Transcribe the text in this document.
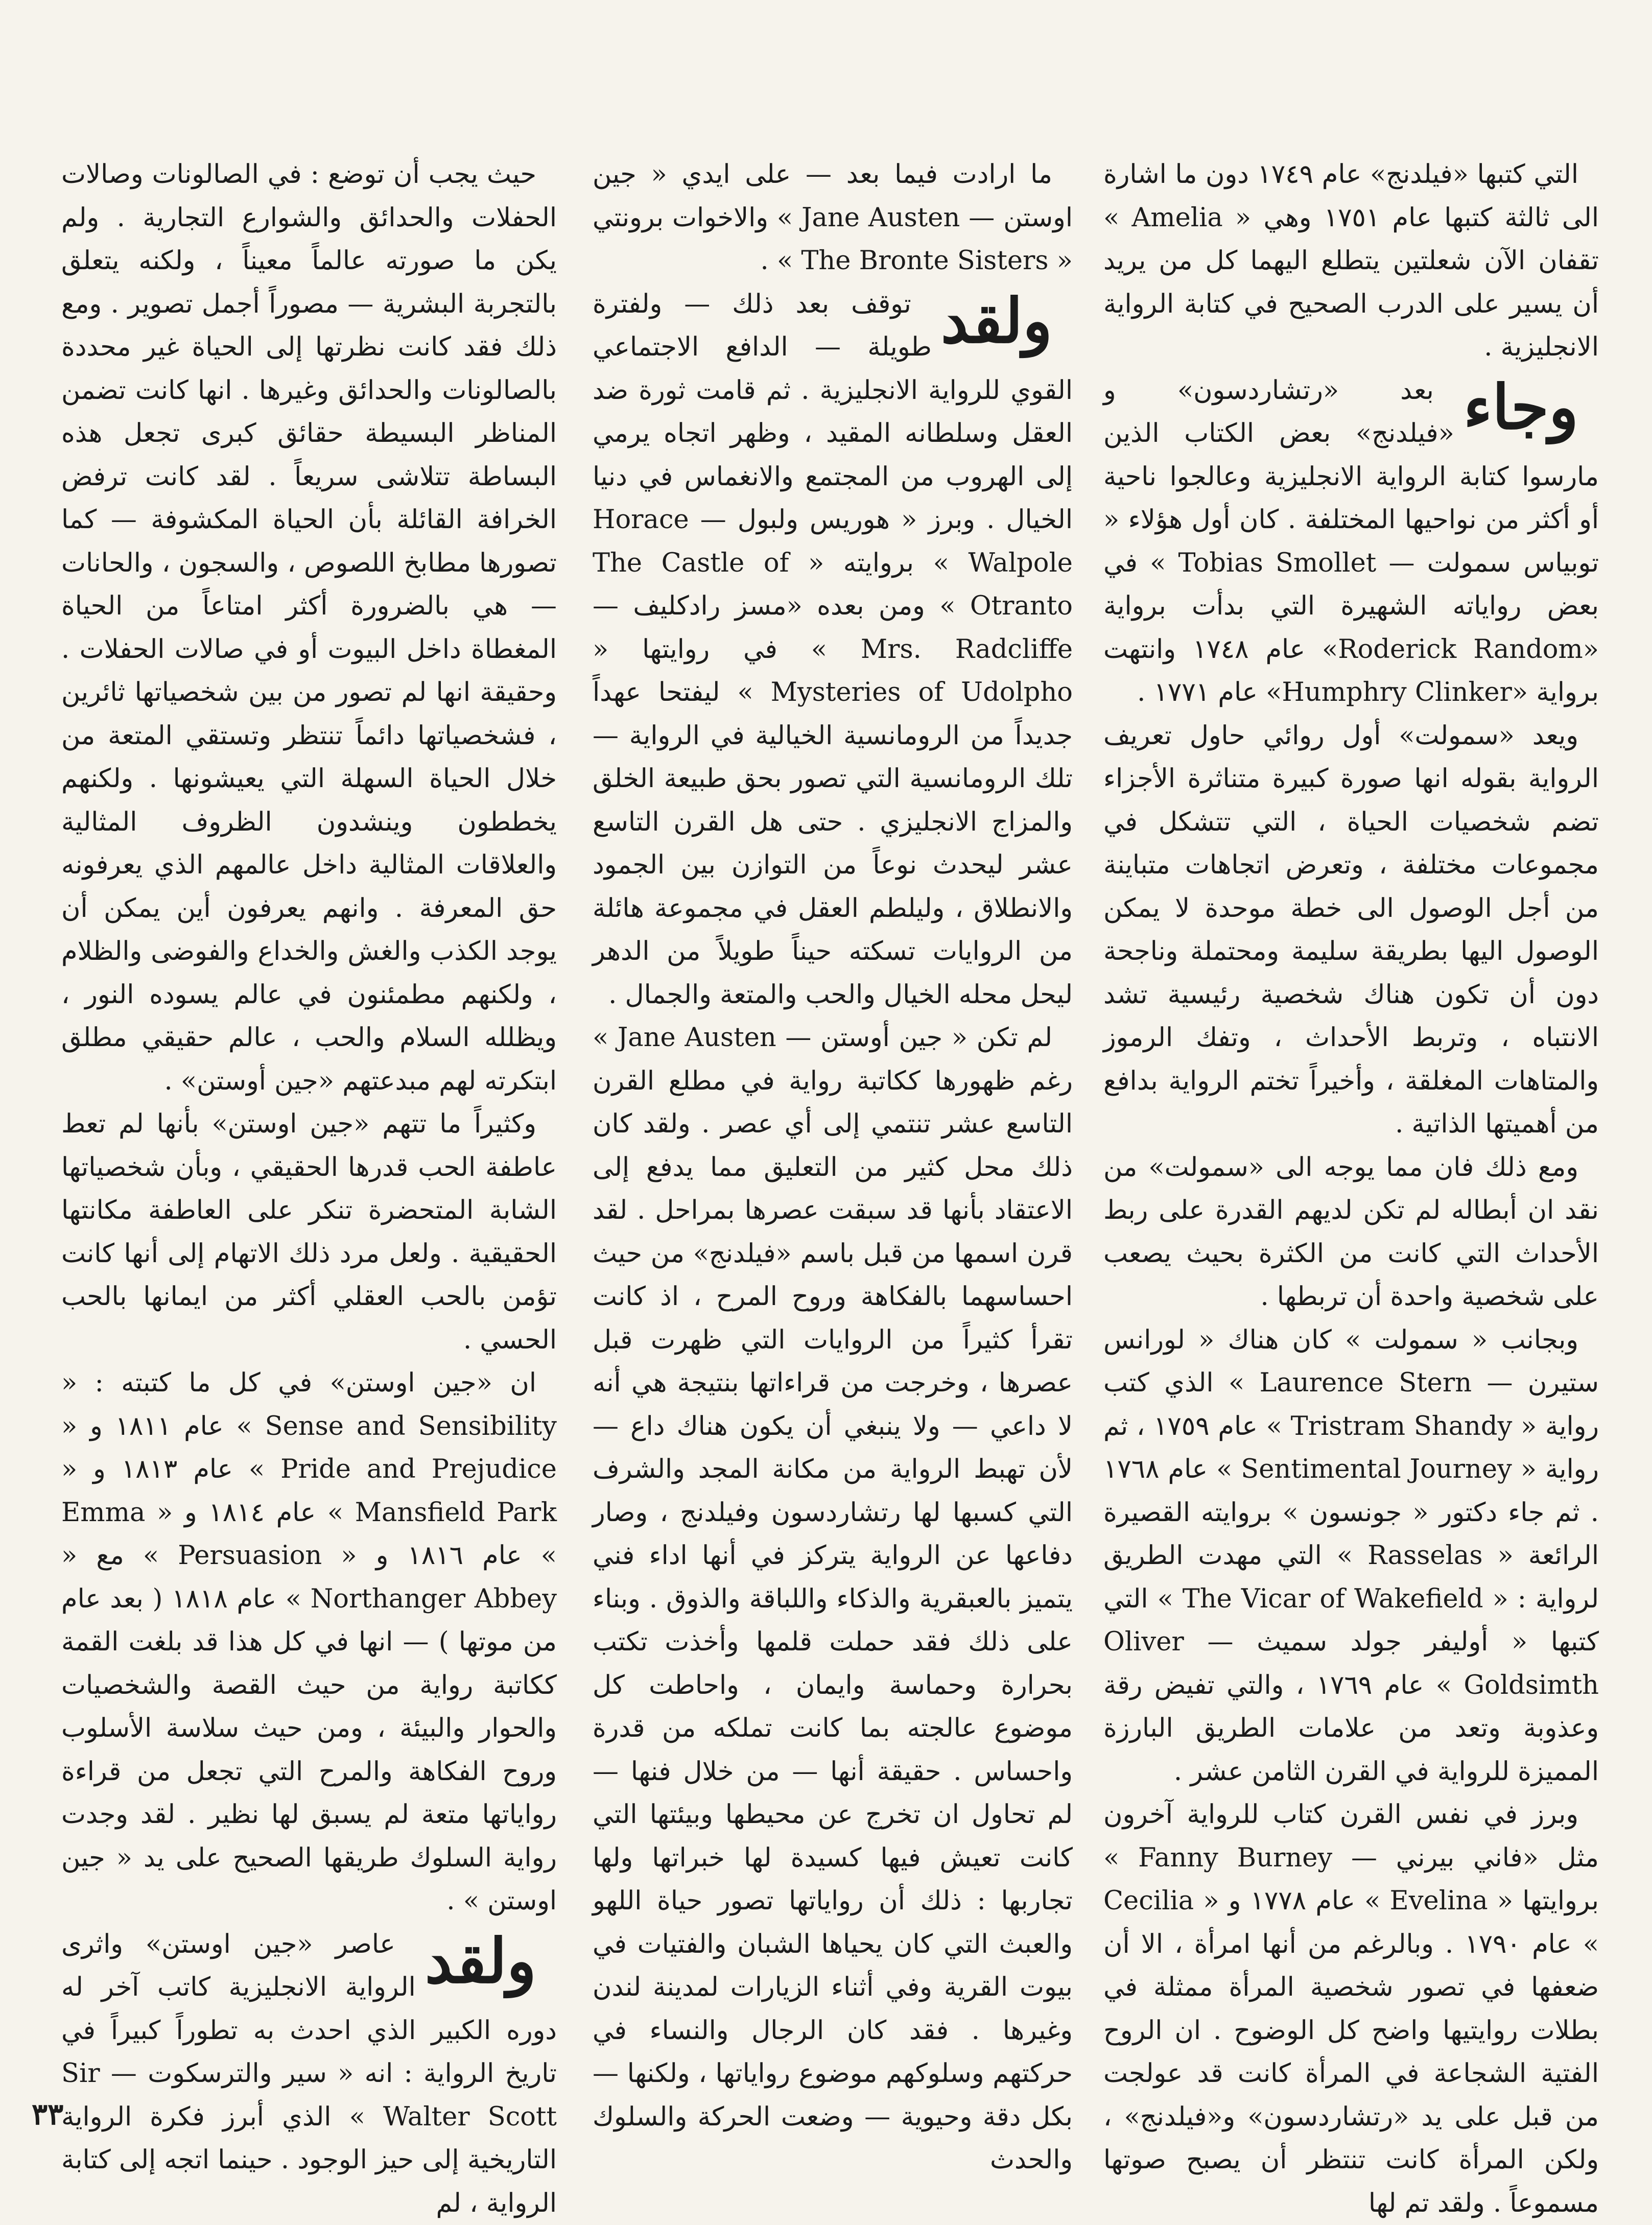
التي كتبها «فيلدنج» عام ١٧٤٩ دون ما اشارة الى ثالثة كتبها عام ١٧٥١ وهي « Amelia » تقفان الآن شعلتين يتطلع اليهما كل من يريد أن يسير على الدرب الصحيح في كتابة الرواية الانجليزية .

وجاء
بعد «رتشاردسون» و «فيلدنج» بعض الكتاب الذين مارسوا كتابة الرواية الانجليزية وعالجوا ناحية أو أكثر من نواحيها المختلفة . كان أول هؤلاء « توبياس سمولت — Tobias Smollet » في بعض رواياته الشهيرة التي بدأت برواية «Roderick Random» عام ١٧٤٨ وانتهت برواية «Humphry Clinker» عام ١٧٧١ .

ويعد «سمولت» أول روائي حاول تعريف الرواية بقوله انها صورة كبيرة متناثرة الأجزاء تضم شخصيات الحياة ، التي تتشكل في مجموعات مختلفة ، وتعرض اتجاهات متباينة من أجل الوصول الى خطة موحدة لا يمكن الوصول اليها بطريقة سليمة ومحتملة وناجحة دون أن تكون هناك شخصية رئيسية تشد الانتباه ، وتربط الأحداث ، وتفك الرموز والمتاهات المغلقة ، وأخيراً تختم الرواية بدافع من أهميتها الذاتية .

ومع ذلك فان مما يوجه الى «سمولت» من نقد ان أبطاله لم تكن لديهم القدرة على ربط الأحداث التي كانت من الكثرة بحيث يصعب على شخصية واحدة أن تربطها .

وبجانب « سمولت » كان هناك « لورانس ستيرن — Laurence Stern » الذي كتب رواية « Tristram Shandy » عام ١٧٥٩ ، ثم رواية « Sentimental Journey » عام ١٧٦٨ . ثم جاء دكتور « جونسون » بروايته القصيرة الرائعة « Rasselas » التي مهدت الطريق لرواية : « The Vicar of Wakefield » التي كتبها « أوليفر جولد سميث — Oliver Goldsimth » عام ١٧٦٩ ، والتي تفيض رقة وعذوبة وتعد من علامات الطريق البارزة المميزة للرواية في القرن الثامن عشر .

وبرز في نفس القرن كتاب للرواية آخرون مثل «فاني بيرني — Fanny Burney » بروايتها « Evelina » عام ١٧٧٨ و « Cecilia » عام ١٧٩٠ . وبالرغم من أنها امرأة ، الا أن ضعفها في تصور شخصية المرأة ممثلة في بطلات روايتيها واضح كل الوضوح . ان الروح الفتية الشجاعة في المرأة كانت قد عولجت من قبل على يد «رتشاردسون» و«فيلدنج» ، ولكن المرأة كانت تنتظر أن يصبح صوتها مسموعاً . ولقد تم لها

ما ارادت فيما بعد — على ايدي « جين اوستن — Jane Austen » والاخوات برونتي « The Bronte Sisters » .

ولقد
توقف بعد ذلك — ولفترة طويلة — الدافع الاجتماعي القوي للرواية الانجليزية . ثم قامت ثورة ضد العقل وسلطانه المقيد ، وظهر اتجاه يرمي إلى الهروب من المجتمع والانغماس في دنيا الخيال . وبرز « هوريس ولبول — Horace Walpole » بروايته « The Castle of Otranto » ومن بعده «مسز رادكليف — Mrs. Radcliffe » في روايتها « Mysteries of Udolpho » ليفتحا عهداً جديداً من الرومانسية الخيالية في الرواية — تلك الرومانسية التي تصور بحق طبيعة الخلق والمزاج الانجليزي . حتى هل القرن التاسع عشر ليحدث نوعاً من التوازن بين الجمود والانطلاق ، وليلطم العقل في مجموعة هائلة من الروايات تسكته حيناً طويلاً من الدهر ليحل محله الخيال والحب والمتعة والجمال .

لم تكن « جين أوستن — Jane Austen » رغم ظهورها ككاتبة رواية في مطلع القرن التاسع عشر تنتمي إلى أي عصر . ولقد كان ذلك محل كثير من التعليق مما يدفع إلى الاعتقاد بأنها قد سبقت عصرها بمراحل . لقد قرن اسمها من قبل باسم «فيلدنج» من حيث احساسهما بالفكاهة وروح المرح ، اذ كانت تقرأ كثيراً من الروايات التي ظهرت قبل عصرها ، وخرجت من قراءاتها بنتيجة هي أنه لا داعي — ولا ينبغي أن يكون هناك داع — لأن تهبط الرواية من مكانة المجد والشرف التي كسبها لها رتشاردسون وفيلدنج ، وصار دفاعها عن الرواية يتركز في أنها اداء فني يتميز بالعبقرية والذكاء واللباقة والذوق . وبناء على ذلك فقد حملت قلمها وأخذت تكتب بحرارة وحماسة وايمان ، واحاطت كل موضوع عالجته بما كانت تملكه من قدرة واحساس . حقيقة أنها — من خلال فنها — لم تحاول ان تخرج عن محيطها وبيئتها التي كانت تعيش فيها كسيدة لها خبراتها ولها تجاربها : ذلك أن رواياتها تصور حياة اللهو والعبث التي كان يحياها الشبان والفتيات في بيوت القرية وفي أثناء الزيارات لمدينة لندن وغيرها . فقد كان الرجال والنساء في حركتهم وسلوكهم موضوع رواياتها ، ولكنها — بكل دقة وحيوية — وضعت الحركة والسلوك والحدث

حيث يجب أن توضع : في الصالونات وصالات الحفلات والحدائق والشوارع التجارية . ولم يكن ما صورته عالماً معيناً ، ولكنه يتعلق بالتجربة البشرية — مصوراً أجمل تصوير . ومع ذلك فقد كانت نظرتها إلى الحياة غير محددة بالصالونات والحدائق وغيرها . انها كانت تضمن المناظر البسيطة حقائق كبرى تجعل هذه البساطة تتلاشى سريعاً . لقد كانت ترفض الخرافة القائلة بأن الحياة المكشوفة — كما تصورها مطابخ اللصوص ، والسجون ، والحانات — هي بالضرورة أكثر امتاعاً من الحياة المغطاة داخل البيوت أو في صالات الحفلات . وحقيقة انها لم تصور من بين شخصياتها ثائرين ، فشخصياتها دائماً تنتظر وتستقي المتعة من خلال الحياة السهلة التي يعيشونها . ولكنهم يخططون وينشدون الظروف المثالية والعلاقات المثالية داخل عالمهم الذي يعرفونه حق المعرفة . وانهم يعرفون أين يمكن أن يوجد الكذب والغش والخداع والفوضى والظلام ، ولكنهم مطمئنون في عالم يسوده النور ، ويظلله السلام والحب ، عالم حقيقي مطلق ابتكرته لهم مبدعتهم «جين أوستن» .

وكثيراً ما تتهم «جين اوستن» بأنها لم تعط عاطفة الحب قدرها الحقيقي ، وبأن شخصياتها الشابة المتحضرة تنكر على العاطفة مكانتها الحقيقية . ولعل مرد ذلك الاتهام إلى أنها كانت تؤمن بالحب العقلي أكثر من ايمانها بالحب الحسي .

ان «جين اوستن» في كل ما كتبته : « Sense and Sensibility » عام ١٨١١ و « Pride and Prejudice » عام ١٨١٣ و « Mansfield Park » عام ١٨١٤ و « Emma » عام ١٨١٦ و « Persuasion » مع « Northanger Abbey » عام ١٨١٨ ( بعد عام من موتها ) — انها في كل هذا قد بلغت القمة ككاتبة رواية من حيث القصة والشخصيات والحوار والبيئة ، ومن حيث سلاسة الأسلوب وروح الفكاهة والمرح التي تجعل من قراءة رواياتها متعة لم يسبق لها نظير . لقد وجدت رواية السلوك طريقها الصحيح على يد « جين اوستن » .

ولقد
عاصر «جين اوستن» واثرى الرواية الانجليزية كاتب آخر له دوره الكبير الذي احدث به تطوراً كبيراً في تاريخ الرواية : انه « سير والترسكوت — Sir Walter Scott » الذي أبرز فكرة الرواية التاريخية إلى حيز الوجود . حينما اتجه إلى كتابة الرواية ، لم

٣٣
